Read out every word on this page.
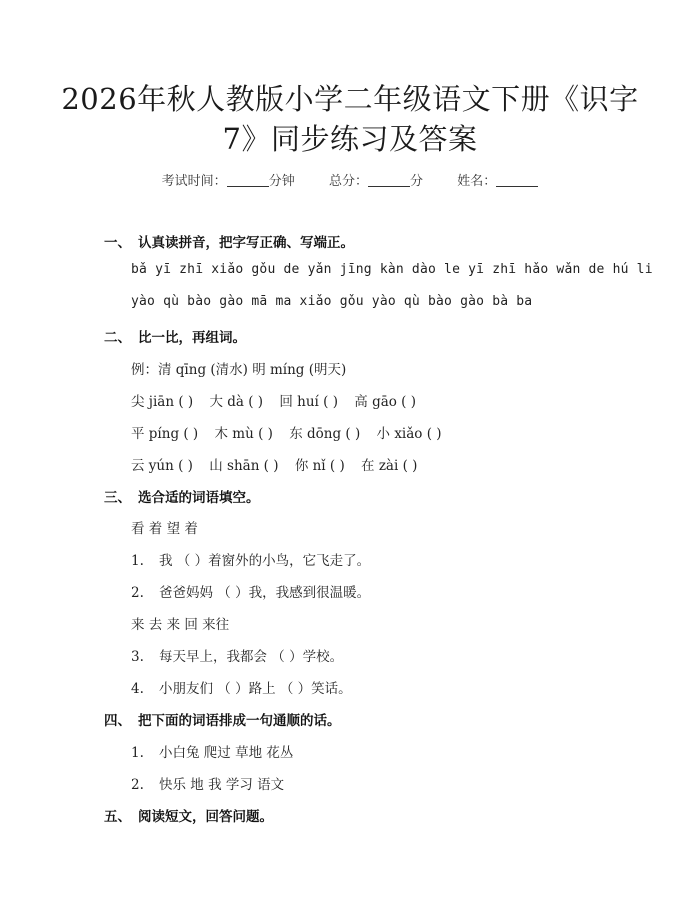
2026年秋人教版小学二年级语文下册《识字
7》同步练习及答案
考试时间：	分钟	总分：	分	姓名：
一、 认真读拼音，把字写正确、写端正。
bǎ yī zhī xiǎo gǒu de yǎn jīng kàn dào le yī zhī hǎo wǎn de hú li
yào qù bào gào mā ma xiǎo gǒu yào qù bào gào bà ba
二、 比一比，再组词。
例：清 qīng (清水) 明 míng (明天)
尖 jiān ( ) 大 dà ( ) 回 huí ( ) 高 gāo ( )
平 píng ( ) 木 mù ( ) 东 dōng ( ) 小 xiǎo ( )
云 yún ( ) 山 shān ( ) 你 nǐ ( ) 在 zài ( )
三、 选合适的词语填空。
看 着 望 着
1. 我 （ ）着窗外的小鸟，它飞走了。
2. 爸爸妈妈 （ ）我，我感到很温暖。
来 去 来 回 来往
3. 每天早上，我都会 （ ）学校。
4. 小朋友们 （ ）路上 （ ）笑话。
四、 把下面的词语排成一句通顺的话。
1. 小白兔 爬过 草地 花丛
2. 快乐 地 我 学习 语文
五、 阅读短文，回答问题。
